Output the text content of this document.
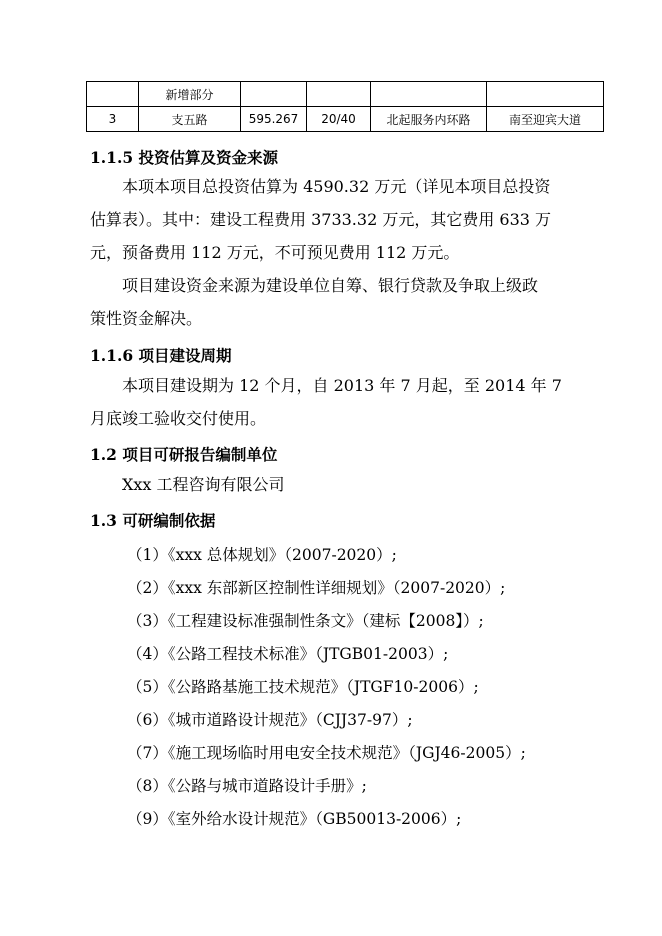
	新增部分				
3	支五路	595.267	20/40	北起服务内环路	南至迎宾大道
1.1.5 投资估算及资金来源
本项本项目总投资估算为 4590.32 万元（详见本项目总投资
估算表）。其中：建设工程费用 3733.32 万元，其它费用 633 万
元，预备费用 112 万元，不可预见费用 112 万元。
项目建设资金来源为建设单位自筹、银行贷款及争取上级政
策性资金解决。
1.1.6 项目建设周期
本项目建设期为 12 个月，自 2013 年 7 月起，至 2014 年 7
月底竣工验收交付使用。
1.2 项目可研报告编制单位
Xxx 工程咨询有限公司
1.3 可研编制依据
（1）《xxx 总体规划》（2007-2020）;
（2）《xxx 东部新区控制性详细规划》（2007-2020）;
（3）《工程建设标准强制性条文》（建标【2008】）;
（4）《公路工程技术标准》（JTGB01-2003）;
（5）《公路路基施工技术规范》（JTGF10-2006）;
（6）《城市道路设计规范》（CJJ37-97）;
（7）《施工现场临时用电安全技术规范》（JGJ46-2005）;
（8）《公路与城市道路设计手册》;
（9）《室外给水设计规范》（GB50013-2006）;
